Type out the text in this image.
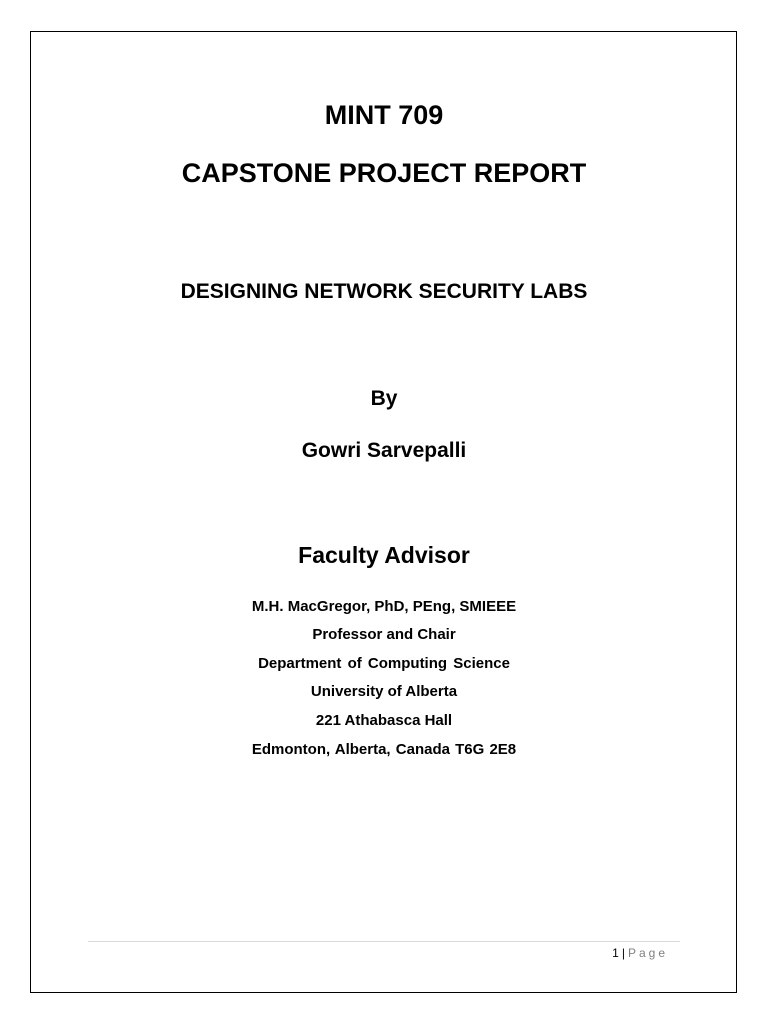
MINT 709
CAPSTONE PROJECT REPORT
DESIGNING NETWORK SECURITY LABS
By
Gowri Sarvepalli
Faculty Advisor
M.H. MacGregor, PhD, PEng, SMIEEE
Professor and Chair
Department of Computing Science
University of Alberta
221 Athabasca Hall
Edmonton, Alberta, Canada T6G 2E8
1 | Page
